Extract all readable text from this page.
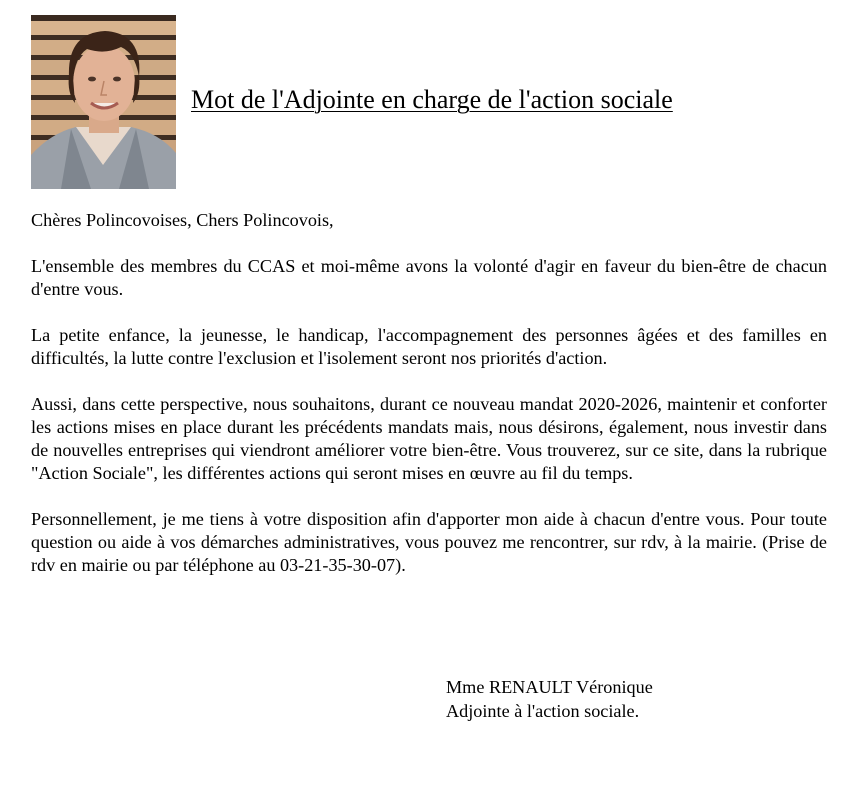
Mot de l'Adjointe en charge de l'action sociale

Chères Polincovoises, Chers Polincovois,

L'ensemble des membres du CCAS et moi-même avons la volonté d'agir en faveur du bien-être de chacun d'entre vous.

La petite enfance, la jeunesse, le handicap, l'accompagnement des personnes âgées et des familles en difficultés, la lutte contre l'exclusion et l'isolement seront nos priorités d'action.

Aussi, dans cette perspective, nous souhaitons, durant ce nouveau mandat 2020-2026, maintenir et conforter les actions mises en place durant les précédents mandats mais, nous désirons, également, nous investir dans de nouvelles entreprises qui viendront améliorer votre bien-être. Vous trouverez, sur ce site, dans la rubrique "Action Sociale", les différentes actions qui seront mises en œuvre au fil du temps.

Personnellement, je me tiens à votre disposition afin d'apporter mon aide à chacun d'entre vous. Pour toute question ou aide à vos démarches administratives, vous pouvez me rencontrer, sur rdv, à la mairie. (Prise de rdv en mairie ou par téléphone au 03-21-35-30-07).

Mme RENAULT Véronique
Adjointe à l'action sociale.
